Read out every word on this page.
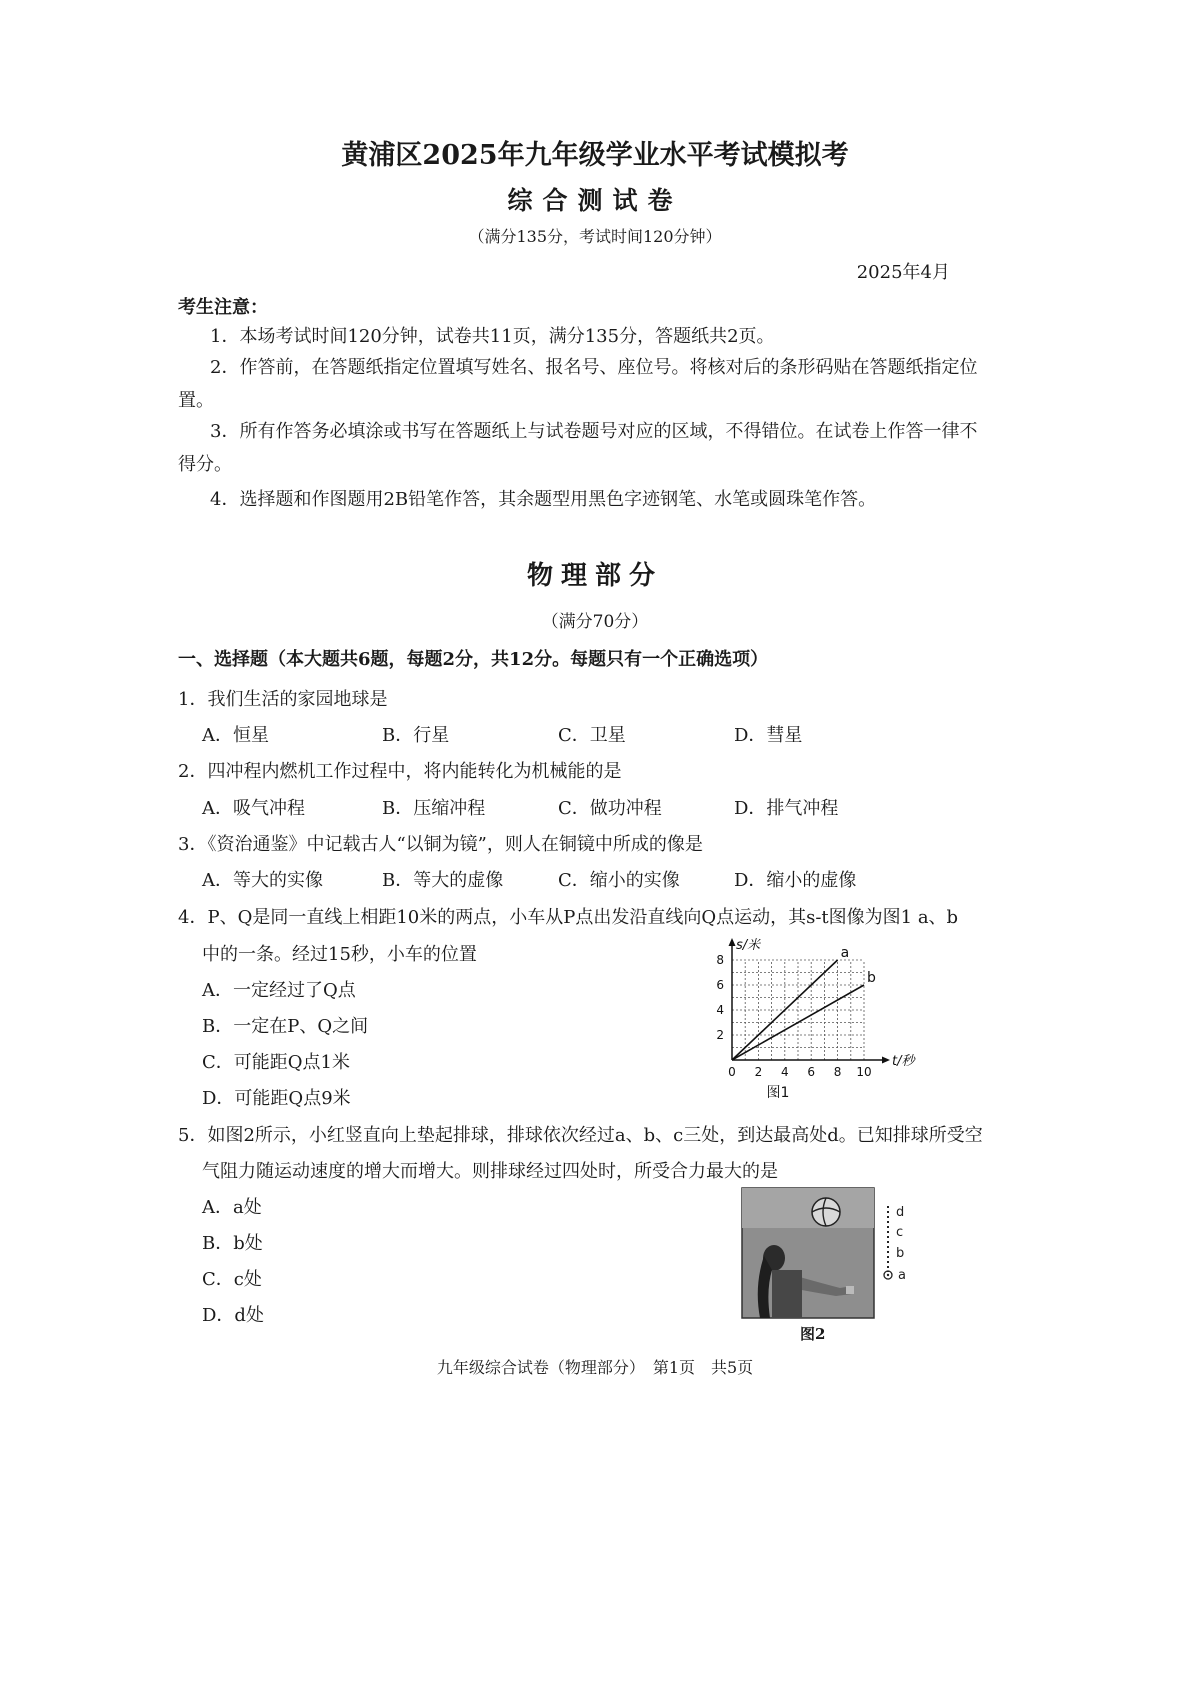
黄浦区2025年九年级学业水平考试模拟考
综合测试卷
（满分135分，考试时间120分钟）
2025年4月
考生注意：
1．本场考试时间120分钟，试卷共11页，满分135分，答题纸共2页。
2．作答前，在答题纸指定位置填写姓名、报名号、座位号。将核对后的条形码贴在答题纸指定位
置。
3．所有作答务必填涂或书写在答题纸上与试卷题号对应的区域，不得错位。在试卷上作答一律不
得分。
4．选择题和作图题用2B铅笔作答，其余题型用黑色字迹钢笔、水笔或圆珠笔作答。
物理部分
（满分70分）
一、选择题（本大题共6题，每题2分，共12分。每题只有一个正确选项）
1．我们生活的家园地球是
A．恒星	B．行星	C．卫星	D．彗星
2．四冲程内燃机工作过程中，将内能转化为机械能的是
A．吸气冲程	B．压缩冲程	C．做功冲程	D．排气冲程
3．《资治通鉴》中记载古人“以铜为镜”，则人在铜镜中所成的像是
A．等大的实像	B．等大的虚像	C．缩小的实像	D．缩小的虚像
4．P、Q是同一直线上相距10米的两点，小车从P点出发沿直线向Q点运动，其s-t图像为图1 a、b
中的一条。经过15秒，小车的位置
A．一定经过了Q点
B．一定在P、Q之间
C．可能距Q点1米
D．可能距Q点9米
a
b
0 2 4 6 8 10
2
4
6
8
s/米
t/秒
图1
5．如图2所示，小红竖直向上垫起排球，排球依次经过a、b、c三处，到达最高处d。已知排球所受空
气阻力随运动速度的增大而增大。则排球经过四处时，所受合力最大的是
A．a处
B．b处
C．c处
D．d处
d
c
b
a
图2
九年级综合试卷（物理部分）　第1页　共5页
